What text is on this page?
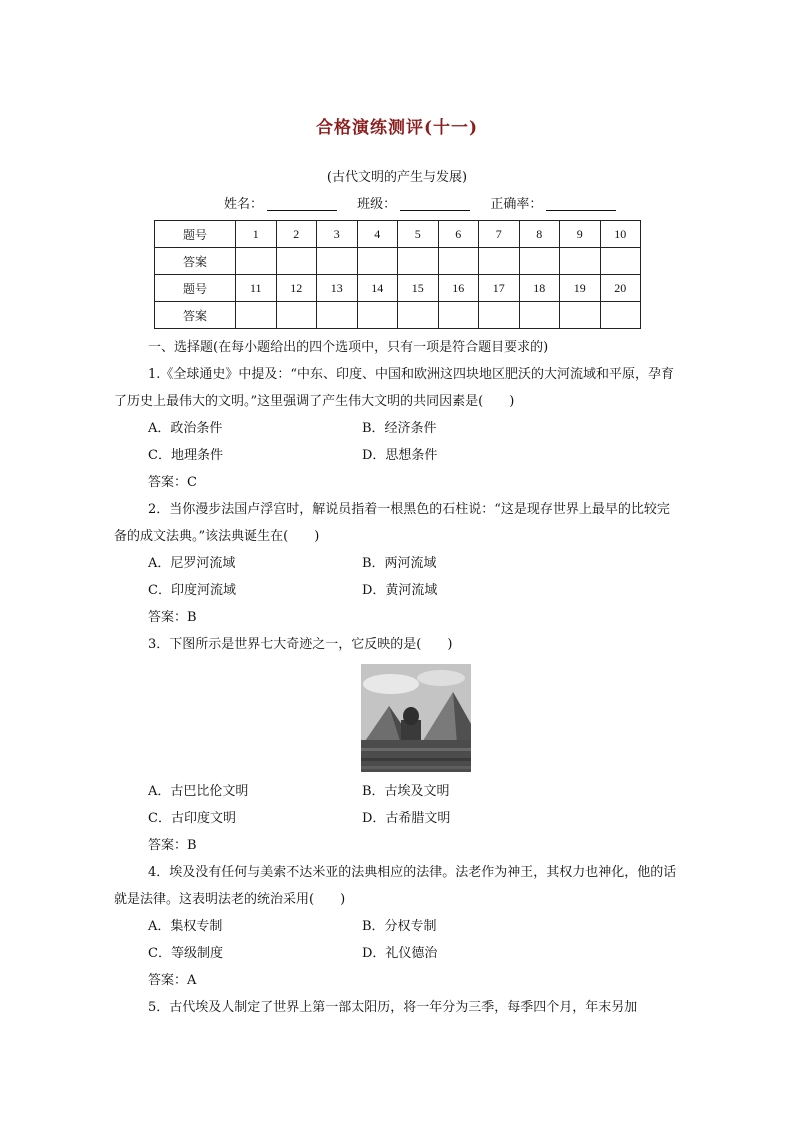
合格演练测评(十一)
(古代文明的产生与发展)
姓名：	班级：	正确率：
题号	1	2	3	4	5	6	7	8	9	10
答案										
题号	11	12	13	14	15	16	17	18	19	20
答案										

一、选择题(在每小题给出的四个选项中，只有一项是符合题目要求的)

1.《全球通史》中提及：“中东、印度、中国和欧洲这四块地区肥沃的大河流域和平原，孕育了历史上最伟大的文明。”这里强调了产生伟大文明的共同因素是(　　)

A．政治条件	B．经济条件
C．地理条件	D．思想条件

答案：C

2．当你漫步法国卢浮宫时，解说员指着一根黑色的石柱说：“这是现存世界上最早的比较完备的成文法典。”该法典诞生在(　　)

A．尼罗河流域	B．两河流域
C．印度河流域	D．黄河流域

答案：B

3．下图所示是世界七大奇迹之一，它反映的是(　　)

A．古巴比伦文明	B．古埃及文明
C．古印度文明	D．古希腊文明

答案：B

4．埃及没有任何与美索不达米亚的法典相应的法律。法老作为神王，其权力也神化，他的话就是法律。这表明法老的统治采用(　　)

A．集权专制	B．分权专制
C．等级制度	D．礼仪德治

答案：A

5．古代埃及人制定了世界上第一部太阳历，将一年分为三季，每季四个月，年末另加
